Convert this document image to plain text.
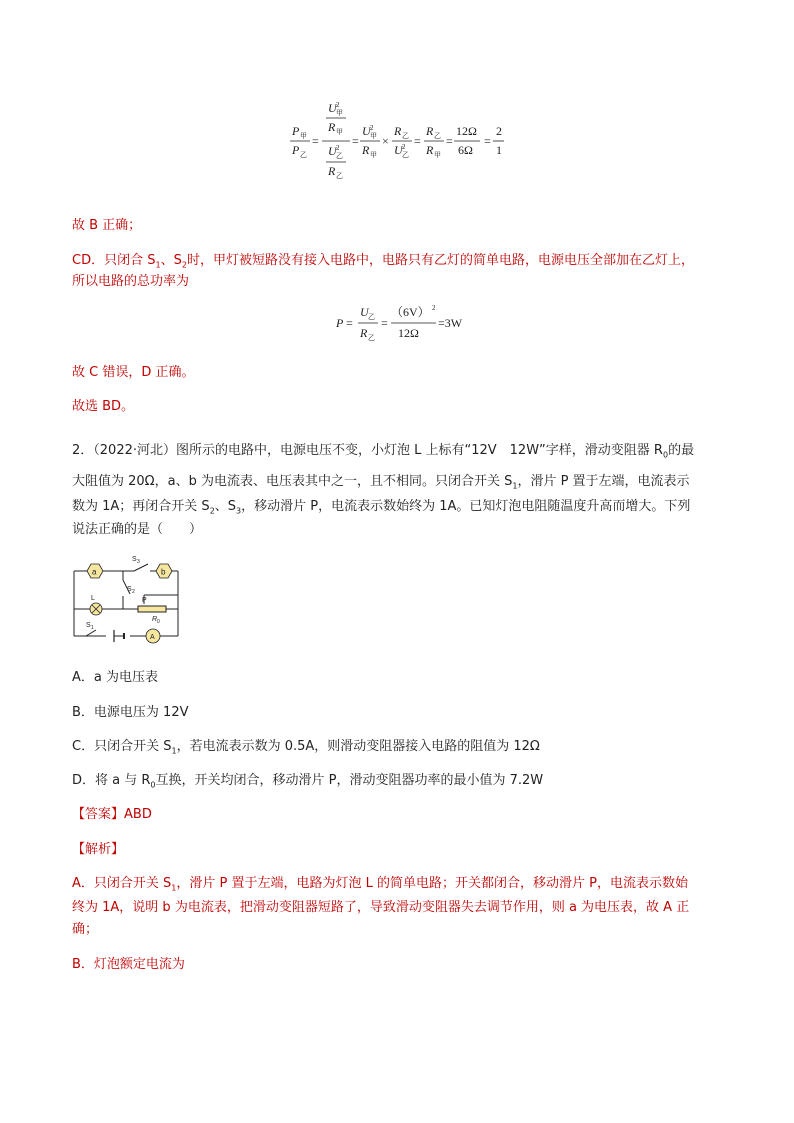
P 甲
P 乙
=
U 2
甲
R 甲
U 2
乙
R 乙
=
U 2
甲
R 甲
×
R 乙
U 2
乙
=
R 乙
R 甲
=
12Ω
6Ω
=
2
1
故 B 正确；
CD．只闭合 $S_1$、$S_2$时，甲灯被短路没有接入电路中，电路只有乙灯的简单电路，电源电压全部加在乙灯上，
所以电路的总功率为
P =
U 乙
R 乙
=
（6V） 2
12Ω
=3W
故 C 错误，D 正确。
故选 BD。
2．（2022·河北）图所示的电路中，电源电压不变，小灯泡 L 上标有“12V　12W”字样，滑动变阻器 $R_0$的最
大阻值为 20Ω，a、b 为电流表、电压表其中之一，且不相同。只闭合开关 $S_1$，滑片 P 置于左端，电流表示
数为 1A；再闭合开关 $S_2$、$S_3$，移动滑片 P，电流表示数始终为 1A。已知灯泡电阻随温度升高而增大。下列
说法正确的是（　　）
a	b
L
A
S 3
S 2
S 1
P
R 0
A．a 为电压表
B．电源电压为 12V
C．只闭合开关 $S_1$，若电流表示数为 0.5A，则滑动变阻器接入电路的阻值为 12Ω
D．将 a 与 $R_0$互换，开关均闭合，移动滑片 P，滑动变阻器功率的最小值为 7.2W
【答案】ABD
【解析】
A．只闭合开关 $S_1$，滑片 P 置于左端，电路为灯泡 L 的简单电路；开关都闭合，移动滑片 P，电流表示数始
终为 1A，说明 b 为电流表，把滑动变阻器短路了，导致滑动变阻器失去调节作用，则 a 为电压表，故 A 正
确；
B．灯泡额定电流为
